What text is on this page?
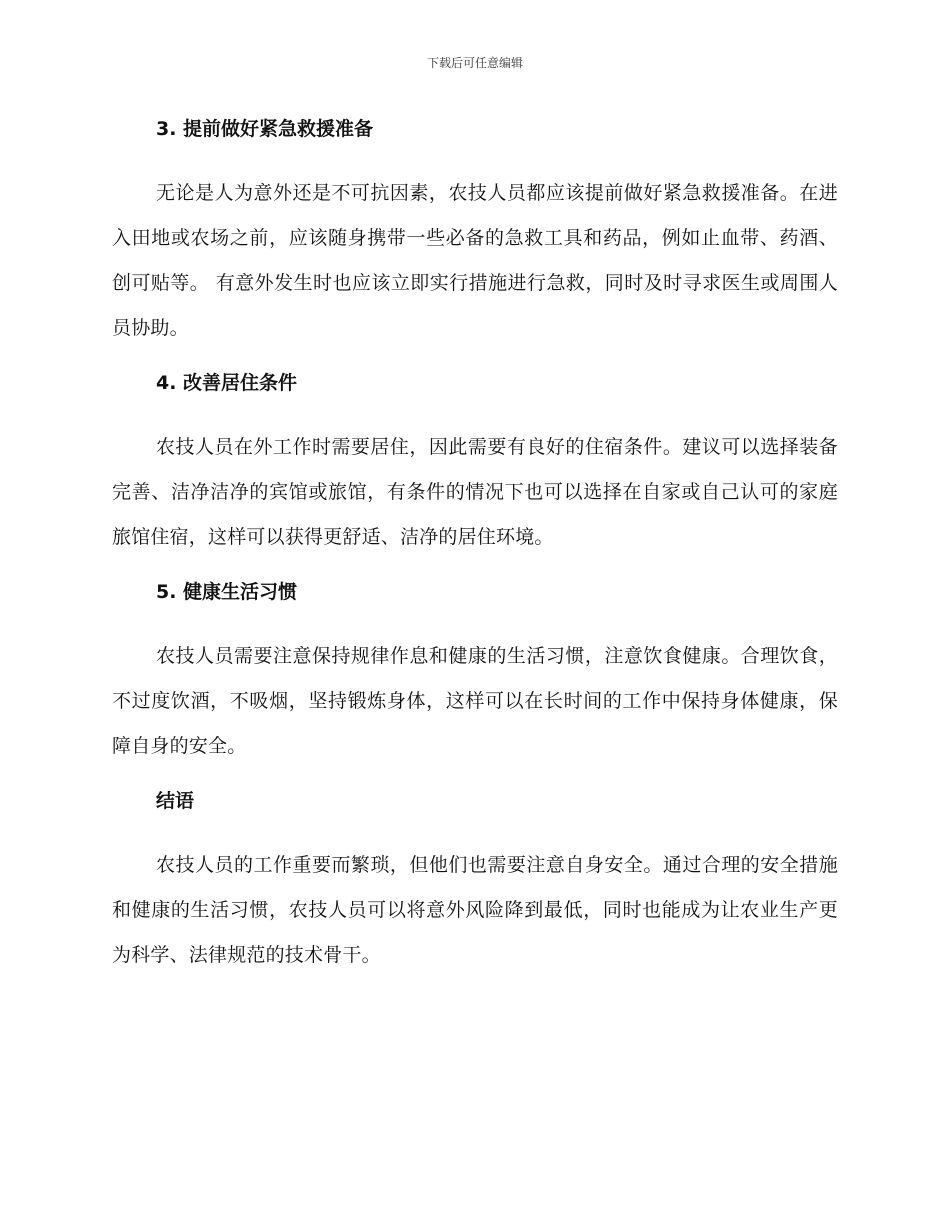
下载后可任意编辑
3. 提前做好紧急救援准备

无论是人为意外还是不可抗因素，农技人员都应该提前做好紧急救援准备。在进入田地或农场之前，应该随身携带一些必备的急救工具和药品，例如止血带、药酒、创可贴等。 有意外发生时也应该立即实行措施进行急救，同时及时寻求医生或周围人员协助。

4. 改善居住条件

农技人员在外工作时需要居住，因此需要有良好的住宿条件。建议可以选择装备完善、洁净洁净的宾馆或旅馆，有条件的情况下也可以选择在自家或自己认可的家庭旅馆住宿，这样可以获得更舒适、洁净的居住环境。

5. 健康生活习惯

农技人员需要注意保持规律作息和健康的生活习惯，注意饮食健康。合理饮食，不过度饮酒，不吸烟，坚持锻炼身体，这样可以在长时间的工作中保持身体健康，保障自身的安全。

结语

农技人员的工作重要而繁琐，但他们也需要注意自身安全。通过合理的安全措施和健康的生活习惯，农技人员可以将意外风险降到最低，同时也能成为让农业生产更为科学、法律规范的技术骨干。
